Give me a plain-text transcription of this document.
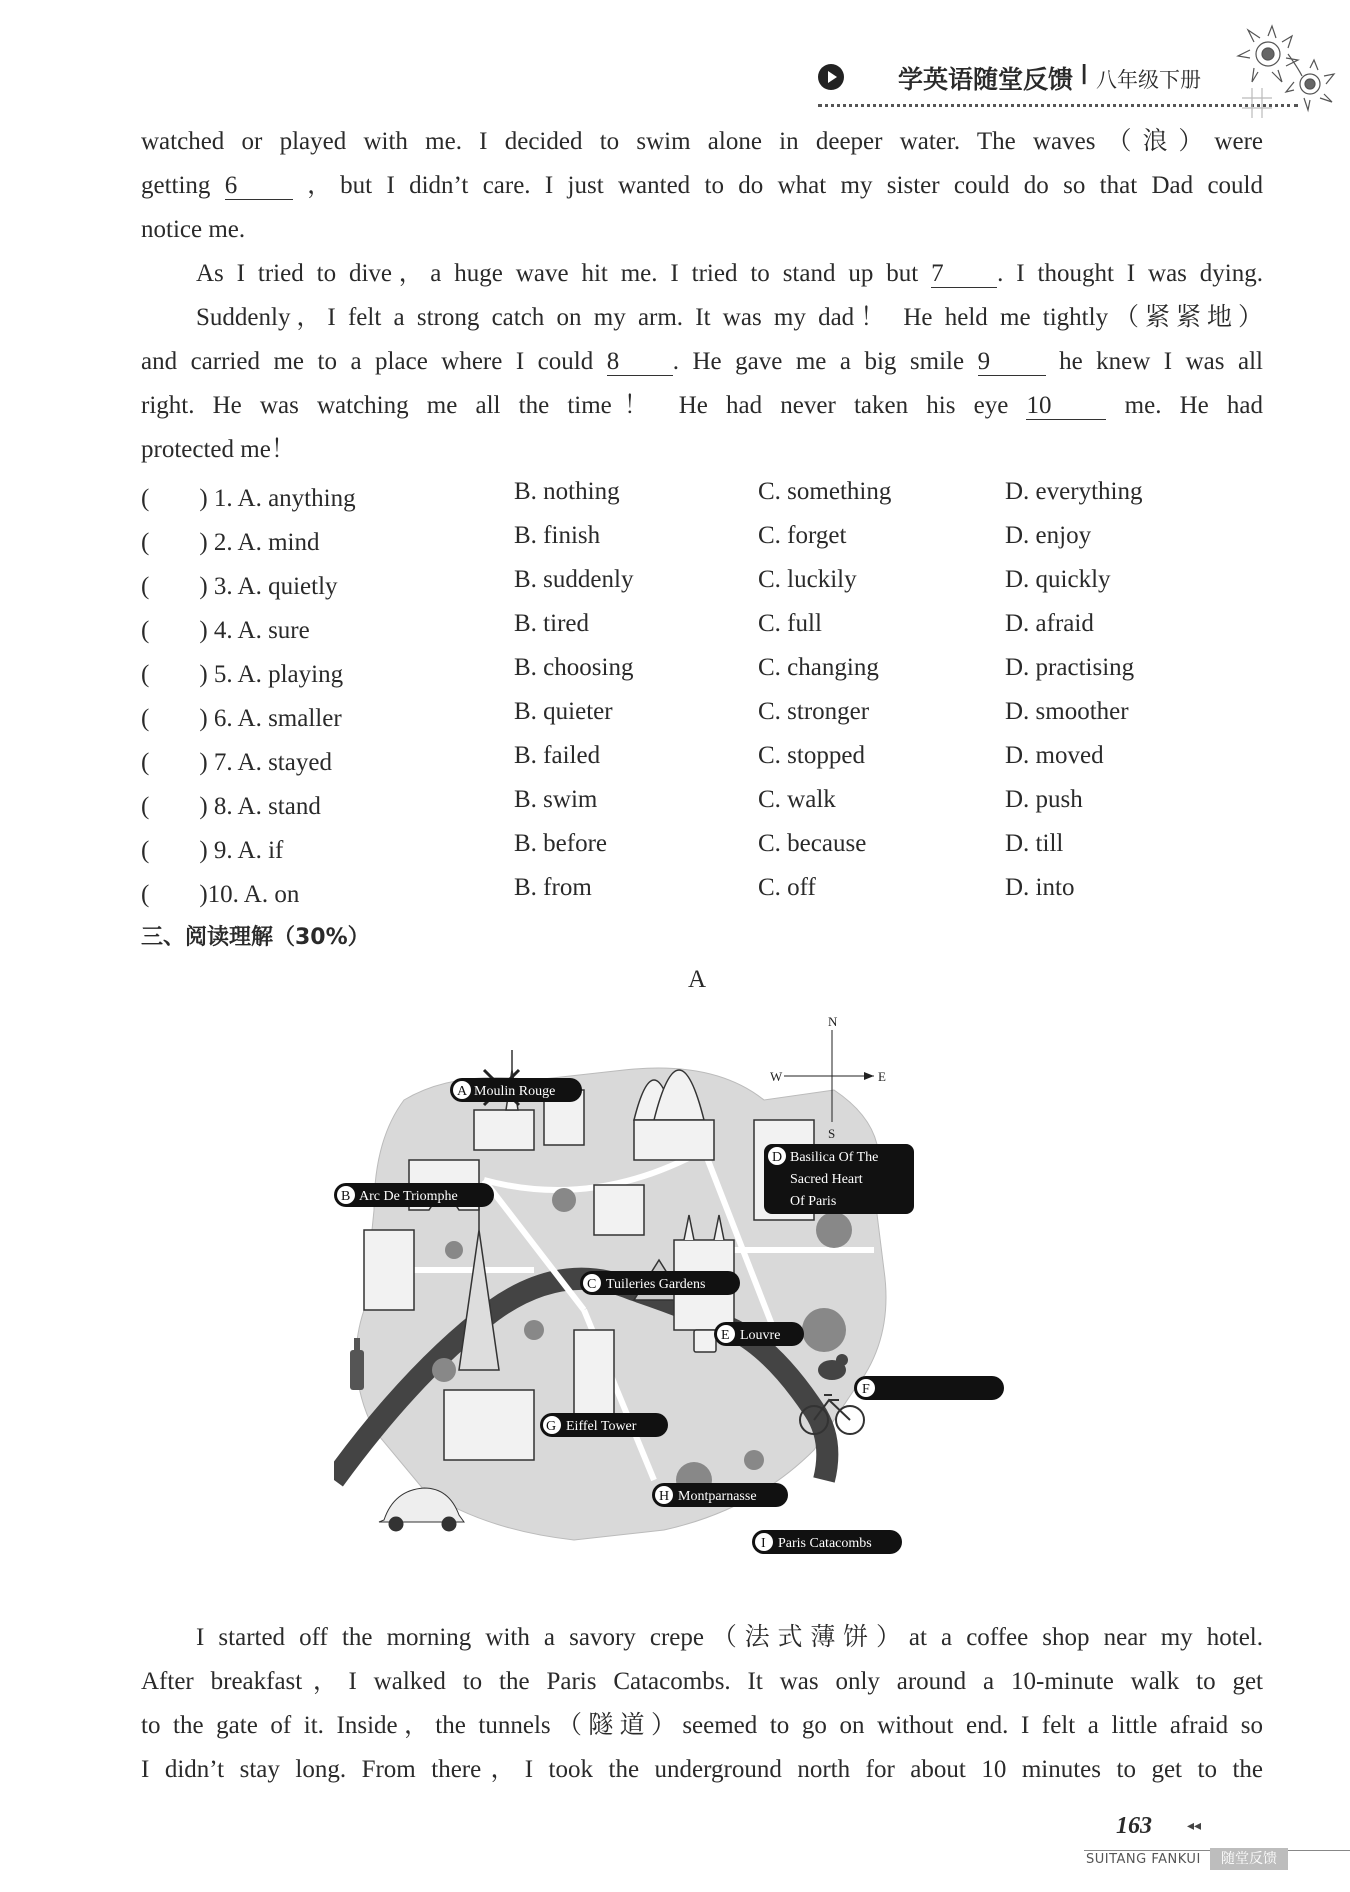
学英语随堂反馈 I 八年级下册
watched or played with me. I decided to swim alone in deeper water. The waves（浪）were
getting 6	，but I didn’t care. I just wanted to do what my sister could do so that Dad could
notice me.
As I tried to dive，a huge wave hit me. I tried to stand up but 7 . I thought I was dying.
Suddenly，I felt a strong catch on my arm. It was my dad！ He held me tightly（紧紧地）
and carried me to a place where I could 8 . He gave me a big smile 9	he knew I was all
right. He was watching me all the time！ He had never taken his eye 10	me. He had
protected me！
(　　) 1. A. anything	B. nothing	C. something	D. everything
(　　) 2. A. mind	B. finish	C. forget	D. enjoy
(　　) 3. A. quietly	B. suddenly	C. luckily	D. quickly
(　　) 4. A. sure	B. tired	C. full	D. afraid
(　　) 5. A. playing	B. choosing	C. changing	D. practising
(　　) 6. A. smaller	B. quieter	C. stronger	D. smoother
(　　) 7. A. stayed	B. failed	C. stopped	D. moved
(　　) 8. A. stand	B. swim	C. walk	D. push
(　　) 9. A. if	B. before	C. because	D. till
(　　)10. A. on	B. from	C. off	D. into
三、阅读理解（30%）
A
N
S
W	E
A Moulin Rouge
B Arc De Triomphe
C Tuileries Gardens
D Basilica Of The
Sacred Heart
Of Paris
E Louvre
F
G Eiffel Tower
H Montparnasse
I Paris Catacombs
I started off the morning with a savory crepe（法式薄饼）at a coffee shop near my hotel.
After breakfast，I walked to the Paris Catacombs. It was only around a 10-minute walk to get
to the gate of it. Inside，the tunnels（隧道）seemed to go on without end. I felt a little afraid so
I didn’t stay long. From there，I took the underground north for about 10 minutes to get to the
163	◂◂
SUITANG FANKUI	随堂反馈
